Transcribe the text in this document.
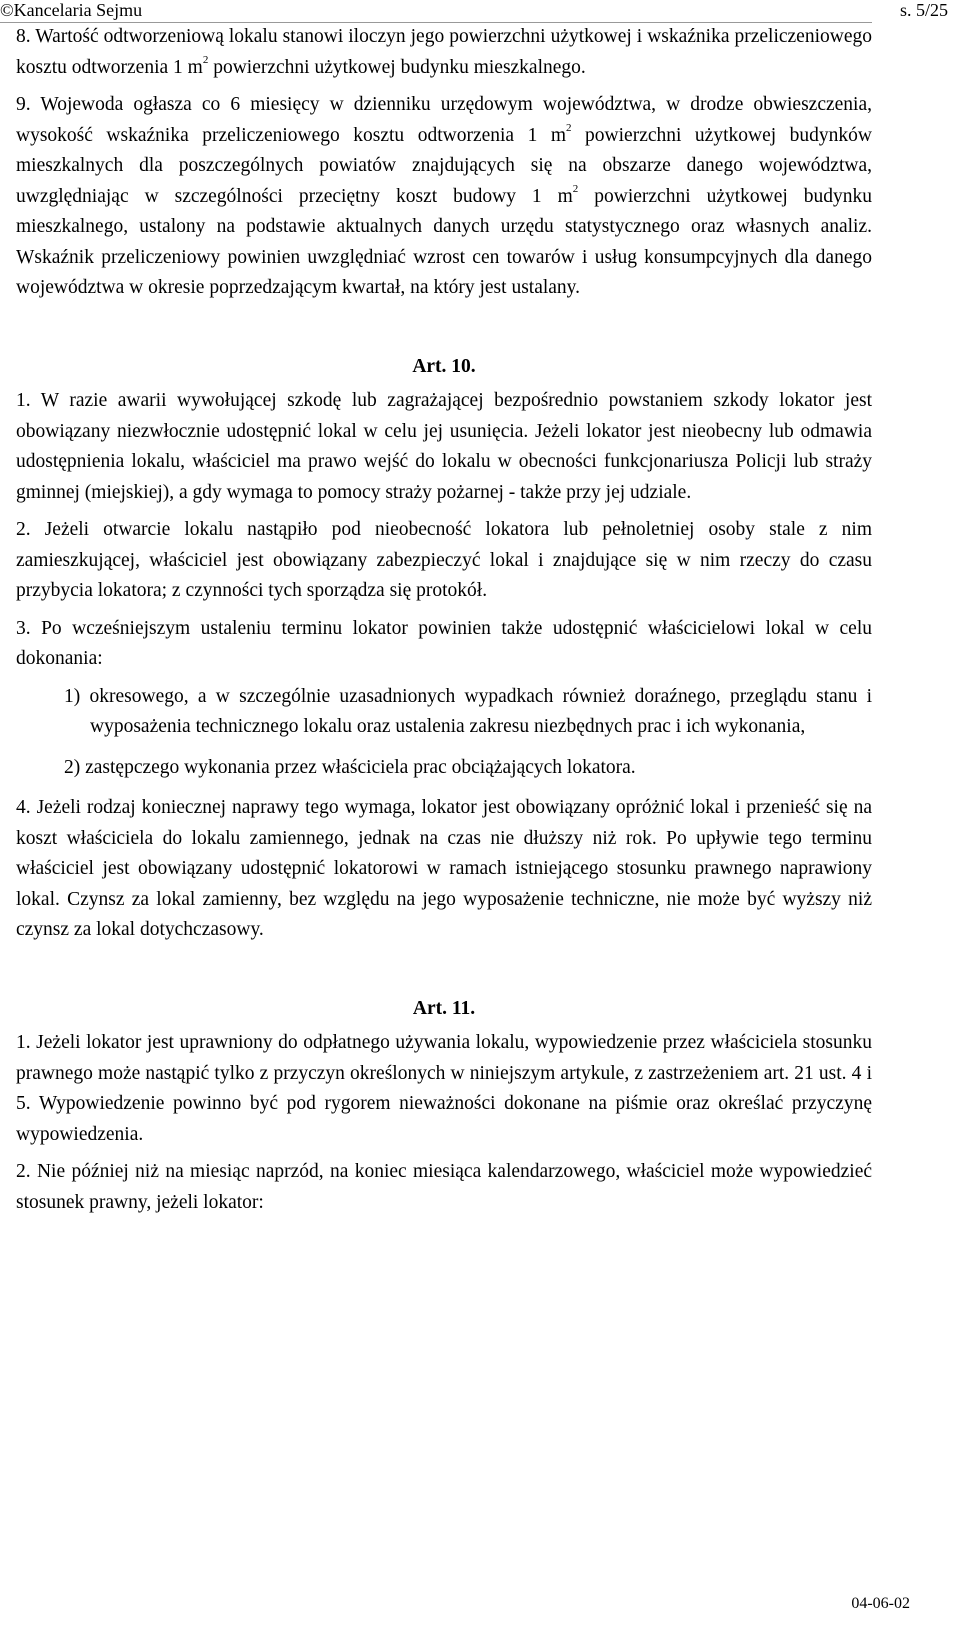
©Kancelaria Sejmu	s. 5/25

8. Wartość odtworzeniową lokalu stanowi iloczyn jego powierzchni użytkowej i wskaźnika przeliczeniowego kosztu odtworzenia 1 $m^2$ powierzchni użytkowej budynku mieszkalnego.

9. Wojewoda ogłasza co 6 miesięcy w dzienniku urzędowym województwa, w drodze obwieszczenia, wysokość wskaźnika przeliczeniowego kosztu odtworzenia 1 $m^2$ powierzchni użytkowej budynków mieszkalnych dla poszczególnych powiatów znajdujących się na obszarze danego województwa, uwzględniając w szczególności przeciętny koszt budowy 1 $m^2$ powierzchni użytkowej budynku mieszkalnego, ustalony na podstawie aktualnych danych urzędu statystycznego oraz własnych analiz. Wskaźnik przeliczeniowy powinien uwzględniać wzrost cen towarów i usług konsumpcyjnych dla danego województwa w okresie poprzedzającym kwartał, na który jest ustalany.

Art. 10.

1. W razie awarii wywołującej szkodę lub zagrażającej bezpośrednio powstaniem szkody lokator jest obowiązany niezwłocznie udostępnić lokal w celu jej usunięcia. Jeżeli lokator jest nieobecny lub odmawia udostępnienia lokalu, właściciel ma prawo wejść do lokalu w obecności funkcjonariusza Policji lub straży gminnej (miejskiej), a gdy wymaga to pomocy straży pożarnej - także przy jej udziale.

2. Jeżeli otwarcie lokalu nastąpiło pod nieobecność lokatora lub pełnoletniej osoby stale z nim zamieszkującej, właściciel jest obowiązany zabezpieczyć lokal i znajdujące się w nim rzeczy do czasu przybycia lokatora; z czynności tych sporządza się protokół.

3. Po wcześniejszym ustaleniu terminu lokator powinien także udostępnić właścicielowi lokal w celu dokonania:

1) okresowego, a w szczególnie uzasadnionych wypadkach również doraźnego, przeglądu stanu i wyposażenia technicznego lokalu oraz ustalenia zakresu niezbędnych prac i ich wykonania,

2) zastępczego wykonania przez właściciela prac obciążających lokatora.

4. Jeżeli rodzaj koniecznej naprawy tego wymaga, lokator jest obowiązany opróżnić lokal i przenieść się na koszt właściciela do lokalu zamiennego, jednak na czas nie dłuższy niż rok. Po upływie tego terminu właściciel jest obowiązany udostępnić lokatorowi w ramach istniejącego stosunku prawnego naprawiony lokal. Czynsz za lokal zamienny, bez względu na jego wyposażenie techniczne, nie może być wyższy niż czynsz za lokal dotychczasowy.

Art. 11.

1. Jeżeli lokator jest uprawniony do odpłatnego używania lokalu, wypowiedzenie przez właściciela stosunku prawnego może nastąpić tylko z przyczyn określonych w niniejszym artykule, z zastrzeżeniem art. 21 ust. 4 i 5. Wypowiedzenie powinno być pod rygorem nieważności dokonane na piśmie oraz określać przyczynę wypowiedzenia.

2. Nie później niż na miesiąc naprzód, na koniec miesiąca kalendarzowego, właściciel może wypowiedzieć stosunek prawny, jeżeli lokator:

04-06-02
